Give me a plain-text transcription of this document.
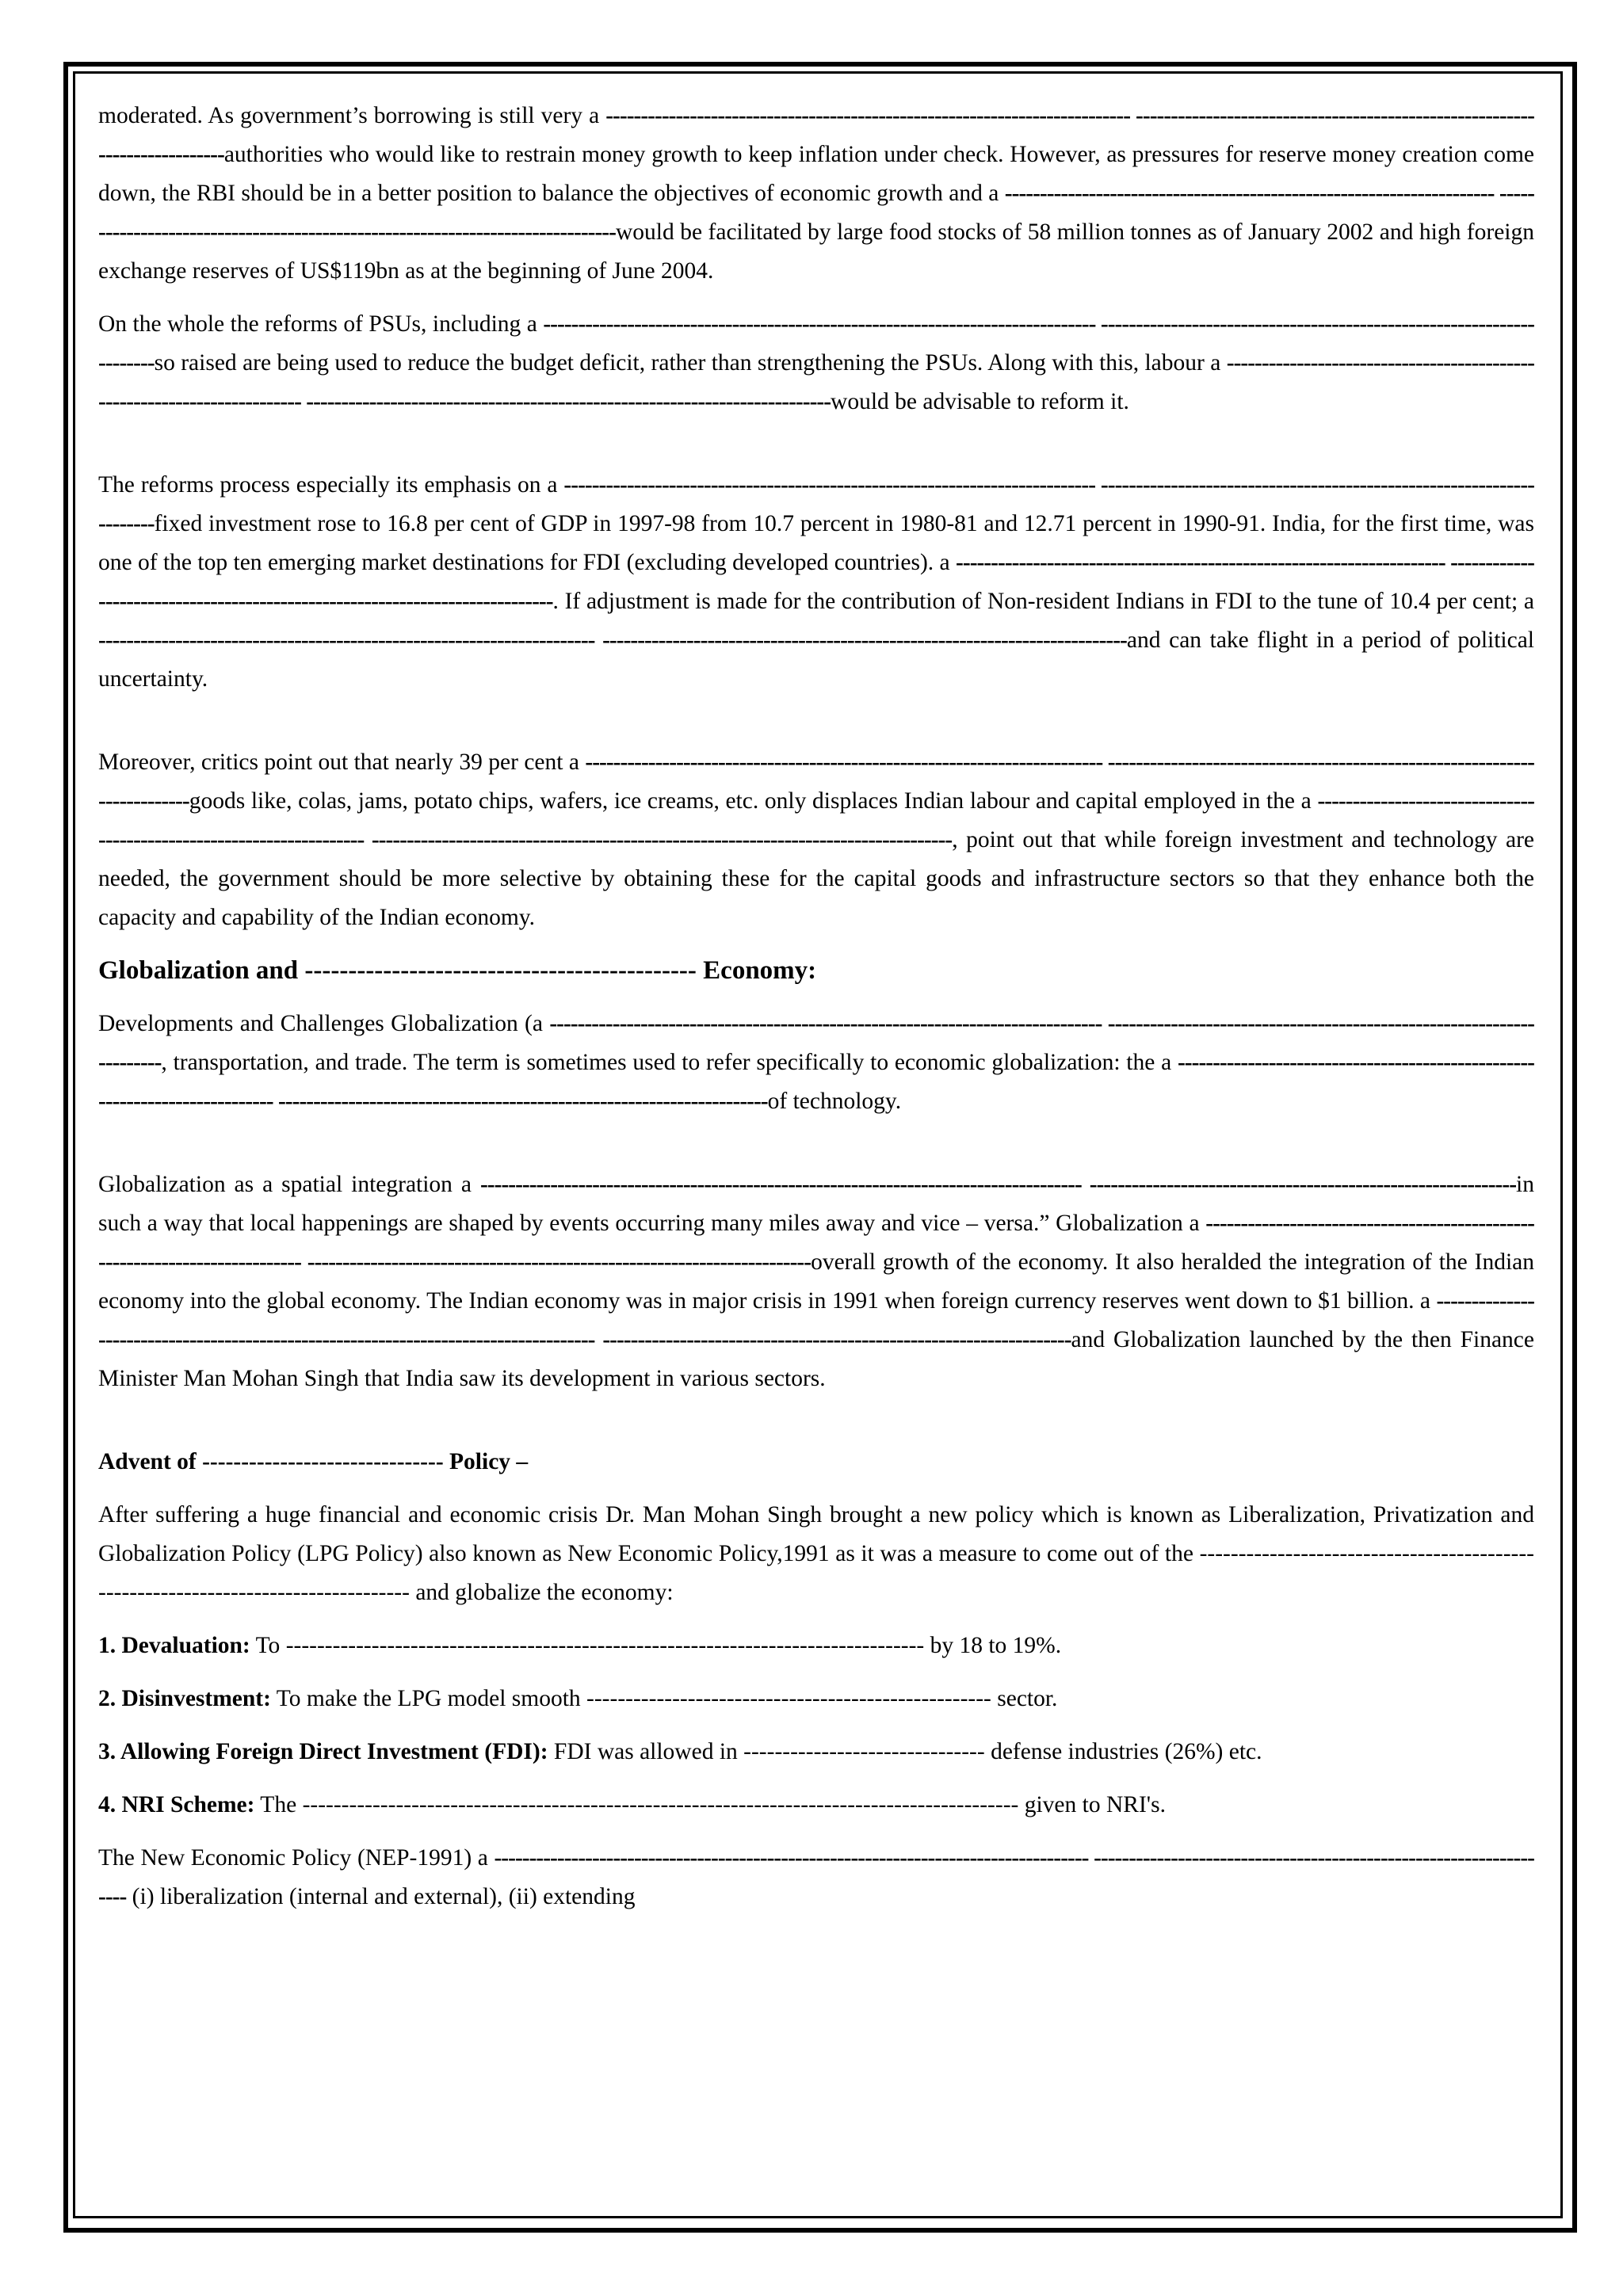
moderated. As government’s borrowing is still very a --------------------------------------------------------------------------- ---------------------------------------------------------------------------authorities who would like to restrain money growth to keep inflation under check. However, as pressures for reserve money creation come down, the RBI should be in a better position to balance the objectives of economic growth and a ---------------------------------------------------------------------- -------------------------------------------------------------------------------would be facilitated by large food stocks of 58 million tonnes as of January 2002 and high foreign exchange reserves of US$119bn as at the beginning of June 2004.

On the whole the reforms of PSUs, including a ------------------------------------------------------------------------------- ----------------------------------------------------------------------so raised are being used to reduce the budget deficit, rather than strengthening the PSUs. Along with this, labour a ------------------------------------------------------------------------- ---------------------------------------------------------------------------would be advisable to reform it.

The reforms process especially its emphasis on a ---------------------------------------------------------------------------- ----------------------------------------------------------------------fixed investment rose to 16.8 per cent of GDP in 1997-98 from 10.7 percent in 1980-81 and 12.71 percent in 1990-91. India, for the first time, was one of the top ten emerging market destinations for FDI (excluding developed countries). a ---------------------------------------------------------------------- -----------------------------------------------------------------------------. If adjustment is made for the contribution of Non-resident Indians in FDI to the tune of 10.4 per cent; a ----------------------------------------------------------------------- ---------------------------------------------------------------------------and can take flight in a period of political uncertainty.

Moreover, critics point out that nearly 39 per cent a -------------------------------------------------------------------------- --------------------------------------------------------------------------goods like, colas, jams, potato chips, wafers, ice creams, etc. only displaces Indian labour and capital employed in the a --------------------------------------------------------------------- -----------------------------------------------------------------------------------, point out that while foreign investment and technology are needed, the government should be more selective by obtaining these for the capital goods and infrastructure sectors so that they enhance both the capacity and capability of the Indian economy.

Globalization and --------------------------------------------- Economy:

Developments and Challenges Globalization (a ------------------------------------------------------------------------------- ----------------------------------------------------------------------, transportation, and trade. The term is sometimes used to refer specifically to economic globalization: the a ---------------------------------------------------------------------------- ----------------------------------------------------------------------of technology.

Globalization as a spatial integration a -------------------------------------------------------------------------------------- -------------------------------------------------------------in such a way that local happenings are shaped by events occurring many miles away and vice – versa.” Globalization a ---------------------------------------------------------------------------- ------------------------------------------------------------------------overall growth of the economy. It also heralded the integration of the Indian economy into the global economy. The Indian economy was in major crisis in 1991 when foreign currency reserves went down to $1 billion. a ------------------------------------------------------------------------------------- -------------------------------------------------------------------and Globalization launched by the then Finance Minister Man Mohan Singh that India saw its development in various sectors.

Advent of ------------------------------- Policy –

After suffering a huge financial and economic crisis Dr. Man Mohan Singh brought a new policy which is known as Liberalization, Privatization and Globalization Policy (LPG Policy) also known as New Economic Policy,1991 as it was a measure to come out of the ----------------------------------------------------------------------------------- and globalize the economy:

1. Devaluation: To ---------------------------------------------------------------------------------- by 18 to 19%.

2. Disinvestment: To make the LPG model smooth ---------------------------------------------------- sector.

3. Allowing Foreign Direct Investment (FDI): FDI was allowed in ------------------------------- defense industries (26%) etc.

4. NRI Scheme: The -------------------------------------------------------------------------------------------- given to NRI's.

The New Economic Policy (NEP-1991) a ------------------------------------------------------------------------------------- ------------------------------------------------------------------- (i) liberalization (internal and external), (ii) extending
